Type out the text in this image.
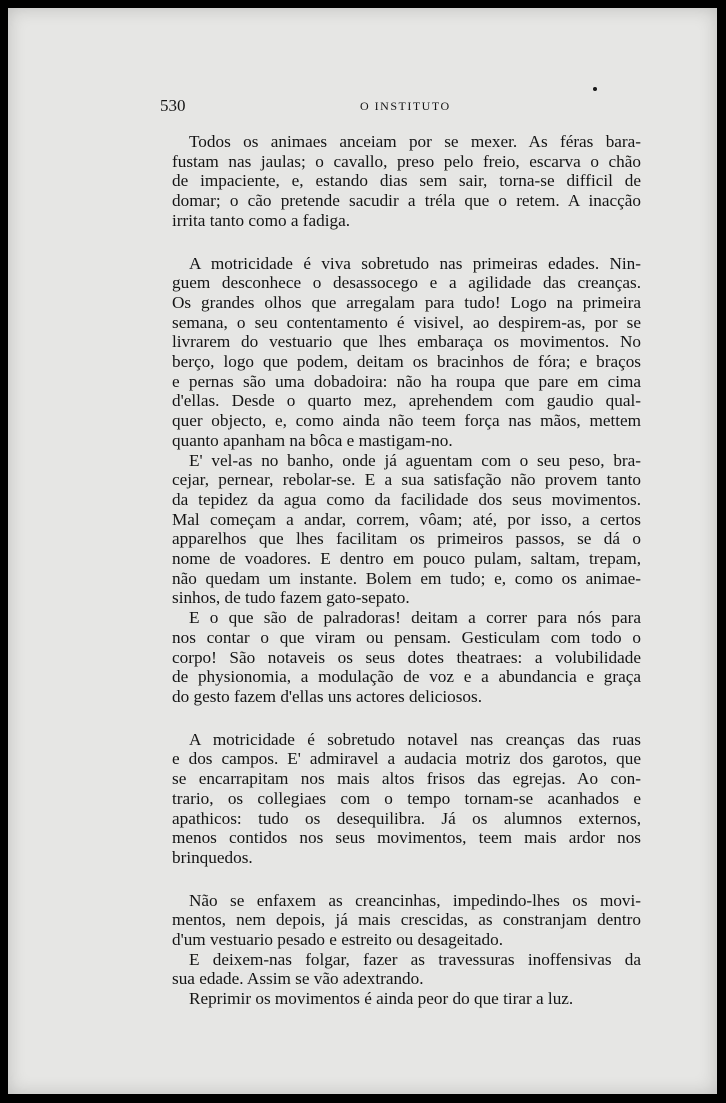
530	O INSTITUTO

Todos os animaes anceiam por se mexer. As féras bara-
fustam nas jaulas; o cavallo, preso pelo freio, escarva o chão
de impaciente, e, estando dias sem sair, torna-se difficil de
domar; o cão pretende sacudir a tréla que o retem. A inacção
irrita tanto como a fadiga.

A motricidade é viva sobretudo nas primeiras edades. Nin-
guem desconhece o desassocego e a agilidade das creanças.
Os grandes olhos que arregalam para tudo! Logo na primeira
semana, o seu contentamento é visivel, ao despirem-as, por se
livrarem do vestuario que lhes embaraça os movimentos. No
berço, logo que podem, deitam os bracinhos de fóra; e braços
e pernas são uma dobadoira: não ha roupa que pare em cima
d'ellas. Desde o quarto mez, aprehendem com gaudio qual-
quer objecto, e, como ainda não teem força nas mãos, mettem
quanto apanham na bôca e mastigam-no.

E' vel-as no banho, onde já aguentam com o seu peso, bra-
cejar, pernear, rebolar-se. E a sua satisfação não provem tanto
da tepidez da agua como da facilidade dos seus movimentos.
Mal começam a andar, correm, vôam; até, por isso, a certos
apparelhos que lhes facilitam os primeiros passos, se dá o
nome de voadores. E dentro em pouco pulam, saltam, trepam,
não quedam um instante. Bolem em tudo; e, como os animae-
sinhos, de tudo fazem gato-sepato.

E o que são de palradoras! deitam a correr para nós para
nos contar o que viram ou pensam. Gesticulam com todo o
corpo! São notaveis os seus dotes theatraes: a volubilidade
de physionomia, a modulação de voz e a abundancia e graça
do gesto fazem d'ellas uns actores deliciosos.

A motricidade é sobretudo notavel nas creanças das ruas
e dos campos. E' admiravel a audacia motriz dos garotos, que
se encarrapitam nos mais altos frisos das egrejas. Ao con-
trario, os collegiaes com o tempo tornam-se acanhados e
apathicos: tudo os desequilibra. Já os alumnos externos,
menos contidos nos seus movimentos, teem mais ardor nos
brinquedos.

Não se enfaxem as creancinhas, impedindo-lhes os movi-
mentos, nem depois, já mais crescidas, as constranjam dentro
d'um vestuario pesado e estreito ou desageitado.

E deixem-nas folgar, fazer as travessuras inoffensivas da
sua edade. Assim se vão adextrando.

Reprimir os movimentos é ainda peor do que tirar a luz.
